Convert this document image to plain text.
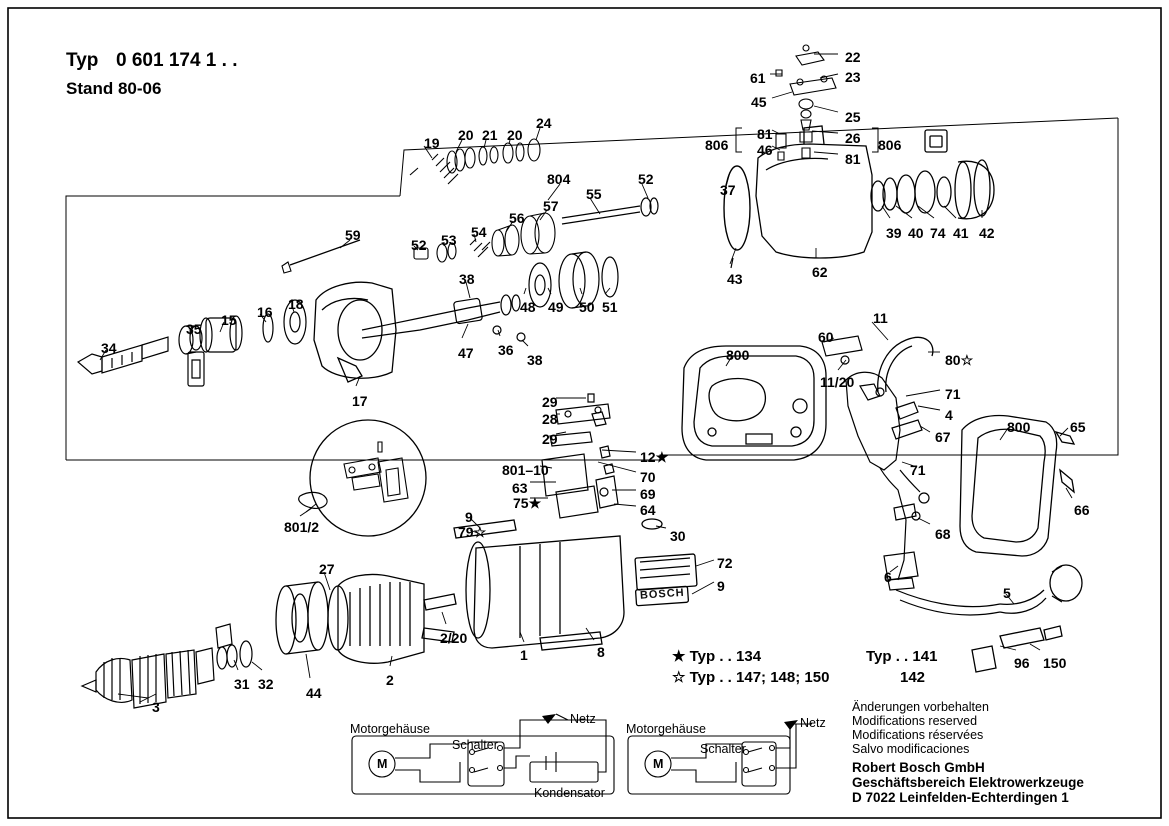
Typ 0 601 174 1 . .
Stand 80-06
BOSCH
★ Typ . . 134
☆ Typ . . 147; 148; 150
Typ . . 141
142
Änderungen vorbehalten
Modifications reserved
Modifications réservées
Salvo modificaciones
Robert Bosch GmbH
Geschäftsbereich Elektrowerkzeuge
D 7022 Leinfelden-Echterdingen 1
Motorgehäuse
Schalter
Netz
M
Kondensator
Motorgehäuse
Schalter
Netz
M
22
23
61
45
25
806
81
46
26
81
806
19 20 21 20
24
804
55
52
37
39 40 74 41 42
56
57
59
52 53 54
38	43	62
48 49 50 51
35
15 16 18
34	47 36
38
17
11
60
80☆
11/20
71
4
67
71
68
800
800	65
66
29
28
29
12★
801–10	70
63	69
64
75★
9
79☆	30
801/2
72
9
27
2/20
1	8
2
44
31 32
3
6
5
96 150
